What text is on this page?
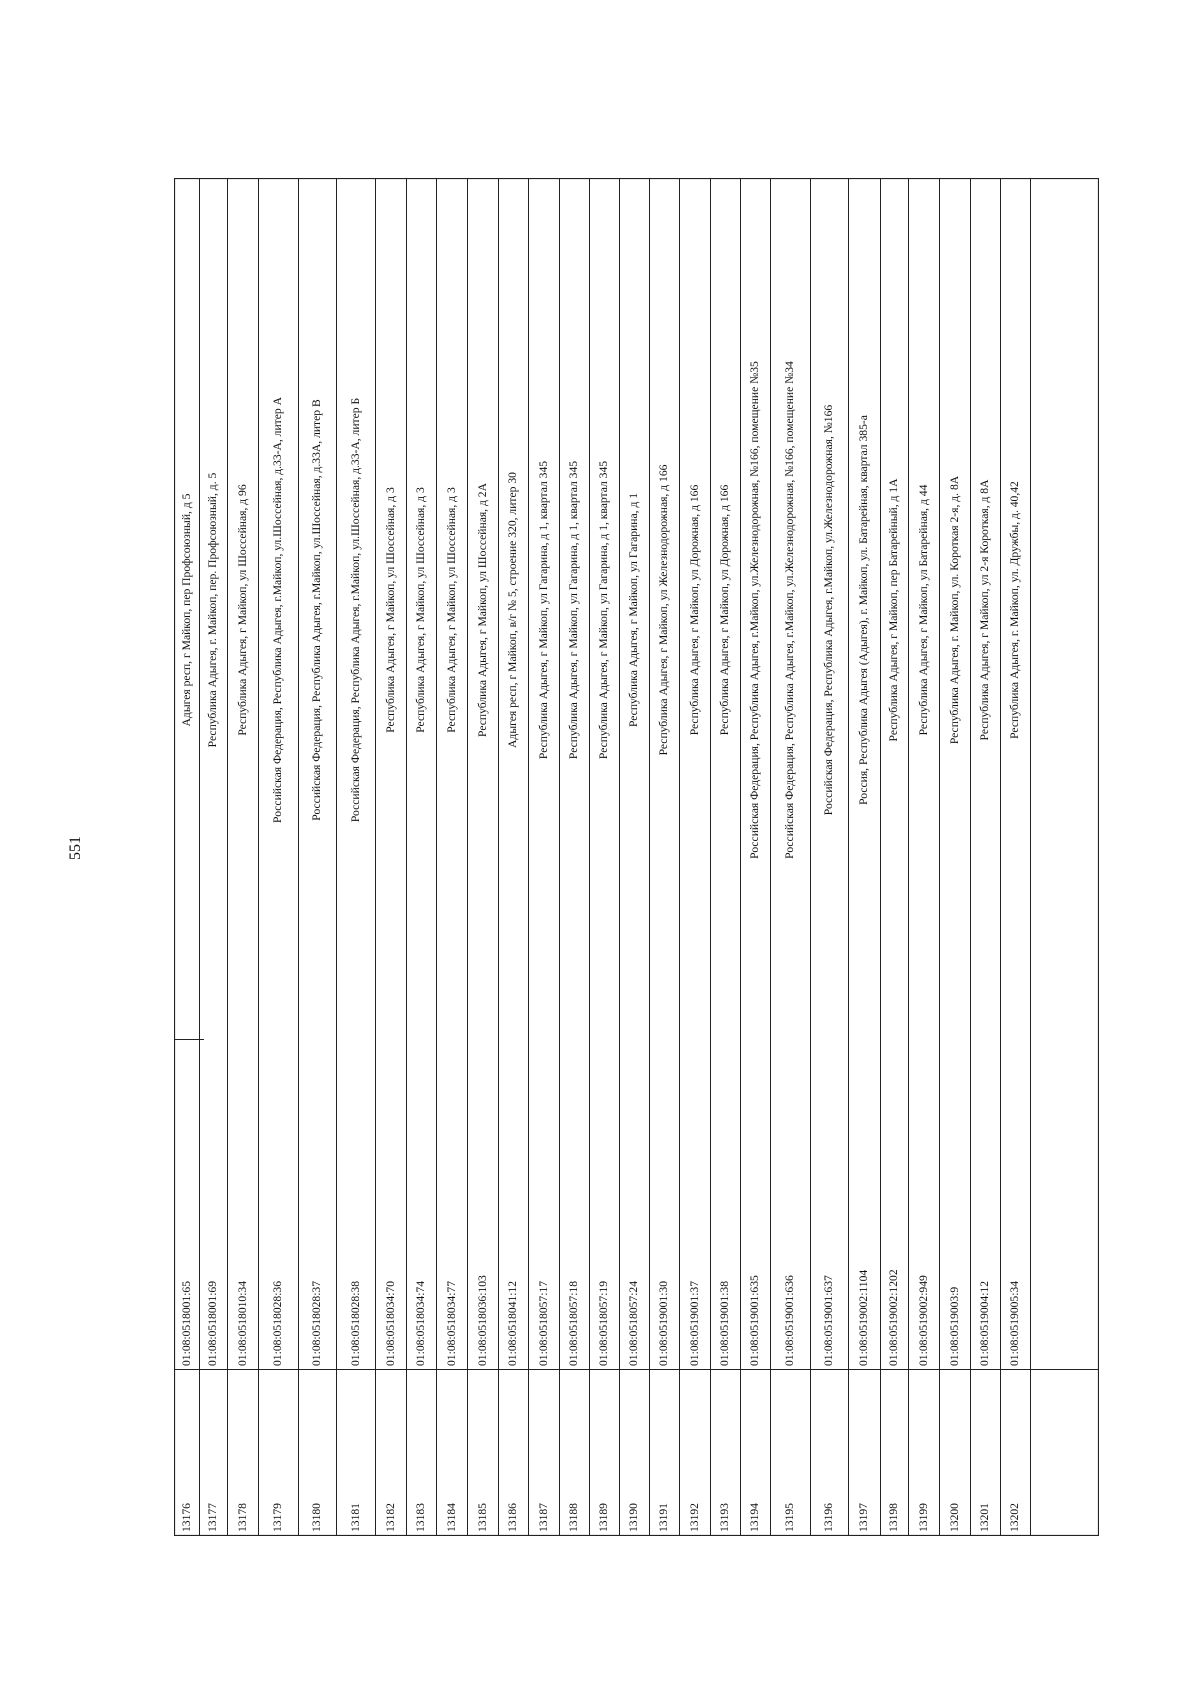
551
13176
01:08:0518001:65
Адыгея респ, г Майкоп, пер Профсоюзный, д 5
13177
01:08:0518001:69
Республика Адыгея, г. Майкоп, пер. Профсоюзный, д. 5
13178
01:08:0518010:34
Республика Адыгея, г Майкоп, ул Шоссейная, д 96
13179
01:08:0518028:36
Российская Федерация, Республика Адыгея, г.Майкоп, ул.Шоссейная, д.33-А, литер А
13180
01:08:0518028:37
Российская Федерация, Республика Адыгея, г.Майкоп, ул.Шоссейная, д.33А, литер В
13181
01:08:0518028:38
Российская Федерация, Республика Адыгея, г.Майкоп, ул.Шоссейная, д.33-А, литер Б
13182
01:08:0518034:70
Республика Адыгея, г Майкоп, ул Шоссейная, д 3
13183
01:08:0518034:74
Республика Адыгея, г Майкоп, ул Шоссейная, д 3
13184
01:08:0518034:77
Республика Адыгея, г Майкоп, ул Шоссейная, д 3
13185
01:08:0518036:103
Республика Адыгея, г Майкоп, ул Шоссейная, д 2А
13186
01:08:0518041:12
Адыгея респ, г Майкоп, в/г № 5, строение 320, литер 30
13187
01:08:0518057:17
Республика Адыгея, г Майкоп, ул Гагарина, д 1, квартал 345
13188
01:08:0518057:18
Республика Адыгея, г Майкоп, ул Гагарина, д 1, квартал 345
13189
01:08:0518057:19
Республика Адыгея, г Майкоп, ул Гагарина, д 1, квартал 345
13190
01:08:0518057:24
Республика Адыгея, г Майкоп, ул Гагарина, д 1
13191
01:08:0519001:30
Республика Адыгея, г Майкоп, ул Железнодорожная, д 166
13192
01:08:0519001:37
Республика Адыгея, г Майкоп, ул Дорожная, д 166
13193
01:08:0519001:38
Республика Адыгея, г Майкоп, ул Дорожная, д 166
13194
01:08:0519001:635
Российская Федерация, Республика Адыгея, г.Майкоп, ул.Железнодорожная, №166, помещение №35
13195
01:08:0519001:636
Российская Федерация, Республика Адыгея, г.Майкоп, ул.Железнодорожная, №166, помещение №34
13196
01:08:0519001:637
Российская Федерация, Республика Адыгея, г.Майкоп, ул.Железнодорожная, №166
13197
01:08:0519002:1104
Россия, Республика Адыгея (Адыгея), г. Майкоп, ул. Батарейная, квартал 385-а
13198
01:08:0519002:1202
Республика Адыгея, г Майкоп, пер Батарейный, д 1А
13199
01:08:0519002:949
Республика Адыгея, г Майкоп, ул Батарейная, д 44
13200
01:08:0519003:9
Республика Адыгея, г. Майкоп, ул. Короткая 2-я, д. 8А
13201
01:08:0519004:12
Республика Адыгея, г Майкоп, ул 2-я Короткая, д 8А
13202
01:08:0519005:34
Республика Адыгея, г. Майкоп, ул. Дружбы, д. 40,42
